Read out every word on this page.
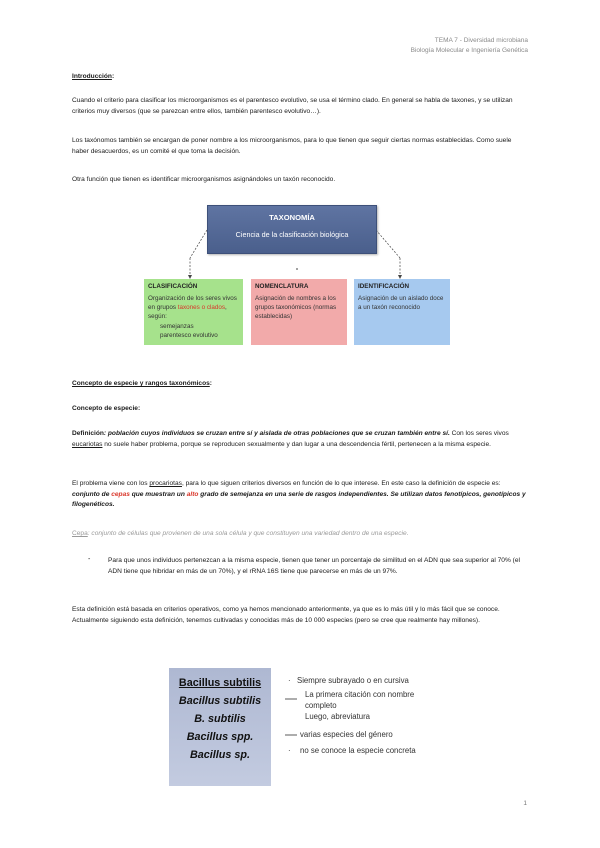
TEMA 7 - Diversidad microbiana
Biología Molecular e Ingeniería Genética
Introducción:
Cuando el criterio para clasificar los microorganismos es el parentesco evolutivo, se usa el término clado. En general se habla de taxones, y se utilizan criterios muy diversos (que se parezcan entre ellos, también parentesco evolutivo…).
Los taxónomos también se encargan de poner nombre a los microorganismos, para lo que tienen que seguir ciertas normas establecidas. Como suele haber desacuerdos, es un comité el que toma la decisión.
Otra función que tienen es identificar microorganismos asignándoles un taxón reconocido.
TAXONOMÍA
Ciencia de la clasificación biológica
CLASIFICACIÓN
Organización de los seres vivos en grupos taxones o clados, según:
semejanzas
parentesco evolutivo
NOMENCLATURA
Asignación de nombres a los grupos taxonómicos (normas establecidas)
IDENTIFICACIÓN
Asignación de un aislado doce a un taxón reconocido
Concepto de especie y rangos taxonómicos:
Concepto de especie:
Definición: población cuyos individuos se cruzan entre sí y aislada de otras poblaciones que se cruzan también entre sí. Con los seres vivos eucariotas no suele haber problema, porque se reproducen sexualmente y dan lugar a una descendencia fértil, pertenecen a la misma especie.
El problema viene con los procariotas, para lo que siguen criterios diversos en función de lo que interese. En este caso la definición de especie es: conjunto de cepas que muestran un alto grado de semejanza en una serie de rasgos independientes. Se utilizan datos fenotípicos, genotípicos y filogenéticos.
Cepa: conjunto de células que provienen de una sola célula y que constituyen una variedad dentro de una especie.
-	Para que unos individuos pertenezcan a la misma especie, tienen que tener un porcentaje de similitud en el ADN que sea superior al 70% (el ADN tiene que hibridar en más de un 70%), y el rRNA 16S tiene que parecerse en más de un 97%.
Esta definición está basada en criterios operativos, como ya hemos mencionado anteriormente, ya que es lo más útil y lo más fácil que se conoce. Actualmente siguiendo esta definición, tenemos cultivadas y conocidas más de 10 000 especies (pero se cree que realmente hay millones).
Bacillus subtilis
Bacillus subtilis
B. subtilis
Bacillus spp.
Bacillus sp.
· Siempre subrayado o en cursiva
La primera citación con nombre
completo
Luego, abreviatura
varias especies del género
· no se conoce la especie concreta
1
